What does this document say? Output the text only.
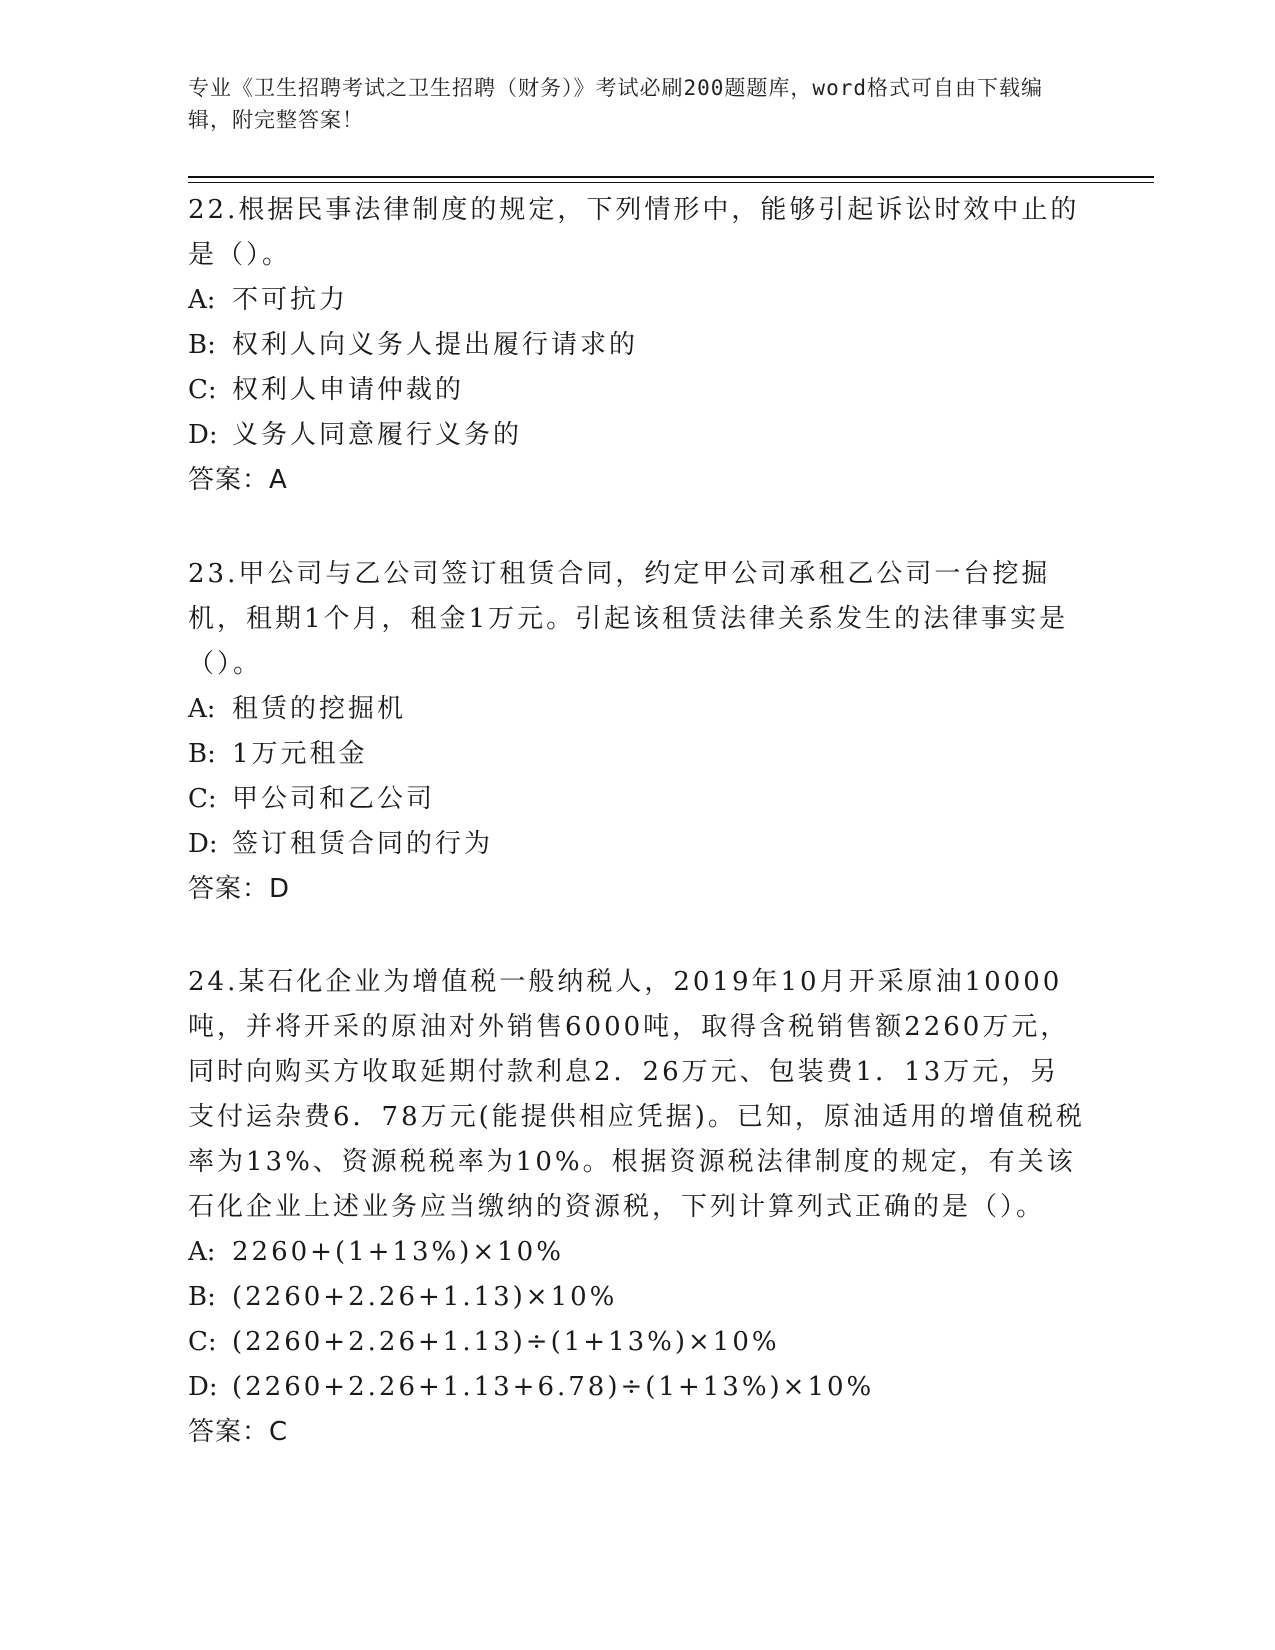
专业《卫生招聘考试之卫生招聘（财务）》考试必刷200题题库，word格式可自由下载编辑，附完整答案！

22.根据民事法律制度的规定，下列情形中，能够引起诉讼时效中止的是（）。

A: 不可抗力

B: 权利人向义务人提出履行请求的

C: 权利人申请仲裁的

D: 义务人同意履行义务的

答案：A

23.甲公司与乙公司签订租赁合同，约定甲公司承租乙公司一台挖掘机，租期1个月，租金1万元。引起该租赁法律关系发生的法律事实是（）。

A: 租赁的挖掘机

B: 1万元租金

C: 甲公司和乙公司

D: 签订租赁合同的行为

答案：D

24.某石化企业为增值税一般纳税人，2019年10月开采原油10000吨，并将开采的原油对外销售6000吨，取得含税销售额2260万元，同时向购买方收取延期付款利息2．26万元、包装费1．13万元，另支付运杂费6．78万元(能提供相应凭据)。已知，原油适用的增值税税率为13%、资源税税率为10%。根据资源税法律制度的规定，有关该石化企业上述业务应当缴纳的资源税，下列计算列式正确的是（）。

A: 2260+(1+13%)×10%

B: (2260+2.26+1.13)×10%

C: (2260+2.26+1.13)÷(1+13%)×10%

D: (2260+2.26+1.13+6.78)÷(1+13%)×10%

答案：C
